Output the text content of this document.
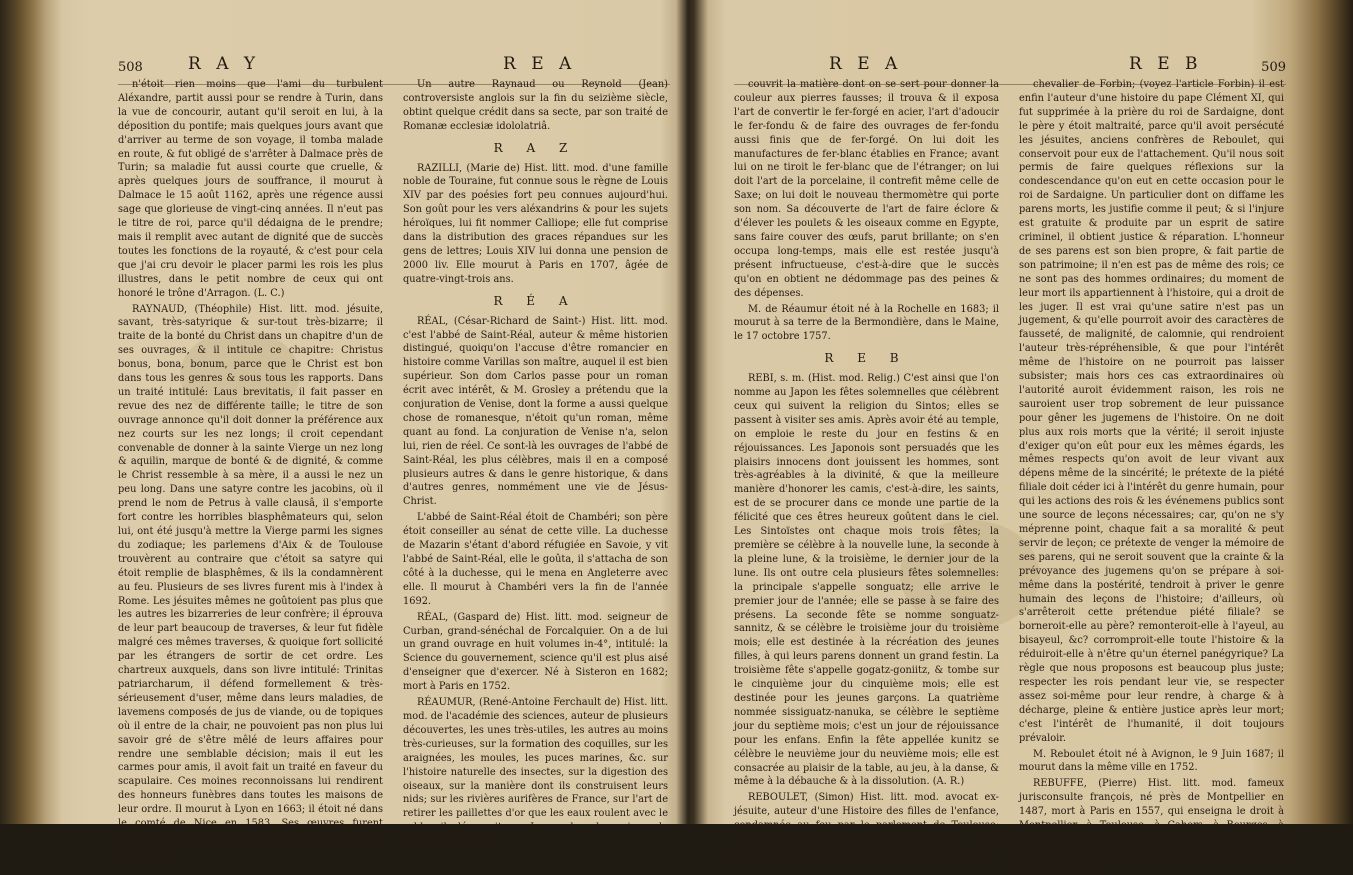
508	R A Y	R E A

n'étoit rien moins que l'ami du turbulent Aléxandre, partit aussi pour se rendre à Turin, dans la vue de concourir, autant qu'il seroit en lui, à la déposition du pontife; mais quelques jours avant que d'arriver au terme de son voyage, il tomba malade en route, & fut obligé de s'arrêter à Dalmace près de Turin; sa maladie fut aussi courte que cruelle, & après quelques jours de souffrance, il mourut à Dalmace le 15 août 1162, après une régence aussi sage que glorieuse de vingt-cinq années. Il n'eut pas le titre de roi, parce qu'il dédaigna de le prendre; mais il remplit avec autant de dignité que de succès toutes les fonctions de la royauté, & c'est pour cela que j'ai cru devoir le placer parmi les rois les plus illustres, dans le petit nombre de ceux qui ont honoré le trône d'Arragon. (L. C.)

RAYNAUD, (Théophile) Hist. litt. mod. jésuite, savant, très-satyrique & sur-tout très-bizarre; il traite de la bonté du Christ dans un chapitre d'un de ses ouvrages, & il intitule ce chapitre: Christus bonus, bona, bonum, parce que le Christ est bon dans tous les genres & sous tous les rapports. Dans un traité intitulé: Laus brevitatis, il fait passer en revue des nez de différente taille; le titre de son ouvrage annonce qu'il doit donner la préférence aux nez courts sur les nez longs; il croit cependant convenable de donner à la sainte Vierge un nez long & aquilin, marque de bonté & de dignité, & comme le Christ ressemble à sa mère, il a aussi le nez un peu long. Dans une satyre contre les jacobins, où il prend le nom de Petrus à valle clausâ, il s'emporte fort contre les horribles blasphêmateurs qui, selon lui, ont été jusqu'à mettre la Vierge parmi les signes du zodiaque; les parlemens d'Aix & de Toulouse trouvèrent au contraire que c'étoit sa satyre qui étoit remplie de blasphêmes, & ils la condamnèrent au feu. Plusieurs de ses livres furent mis à l'index à Rome. Les jésuites mêmes ne goûtoient pas plus que les autres les bizarreries de leur confrère; il éprouva de leur part beaucoup de traverses, & leur fut fidèle malgré ces mêmes traverses, & quoique fort sollicité par les étrangers de sortir de cet ordre. Les chartreux auxquels, dans son livre intitulé: Trinitas patriarcharum, il défend formellement & très-sérieusement d'user, même dans leurs maladies, de lavemens composés de jus de viande, ou de topiques où il entre de la chair, ne pouvoient pas non plus lui savoir gré de s'être mêlé de leurs affaires pour rendre une semblable décision; mais il eut les carmes pour amis, il avoit fait un traité en faveur du scapulaire. Ces moines reconnoissans lui rendirent des honneurs funèbres dans toutes les maisons de leur ordre. Il mourut à Lyon en 1663; il étoit né dans le comté de Nice en 1583. Ses œuvres furent recueillies à Lyon en vingt volumes in-folio. Quelle collection !

Un autre Raynaud ou Reynold (Jean) controversiste anglois sur la fin du seizième siècle, obtint quelque crédit dans sa secte, par son traité de Romanæ ecclesiæ idololatriâ.

R A Z

RAZILLI, (Marie de) Hist. litt. mod. d'une famille noble de Touraine, fut connue sous le règne de Louis XIV par des poésies fort peu connues aujourd'hui. Son goût pour les vers aléxandrins & pour les sujets héroïques, lui fit nommer Calliope; elle fut comprise dans la distribution des graces répandues sur les gens de lettres; Louis XIV lui donna une pension de 2000 liv. Elle mourut à Paris en 1707, âgée de quatre-vingt-trois ans.

R É A

RÉAL, (César-Richard de Saint-) Hist. litt. mod. c'est l'abbé de Saint-Réal, auteur & même historien distingué, quoiqu'on l'accuse d'être romancier en histoire comme Varillas son maître, auquel il est bien supérieur. Son dom Carlos passe pour un roman écrit avec intérêt, & M. Grosley a prétendu que la conjuration de Venise, dont la forme a aussi quelque chose de romanesque, n'étoit qu'un roman, même quant au fond. La conjuration de Venise n'a, selon lui, rien de réel. Ce sont-là les ouvrages de l'abbé de Saint-Réal, les plus célèbres, mais il en a composé plusieurs autres & dans le genre historique, & dans d'autres genres, nommément une vie de Jésus-Christ.

L'abbé de Saint-Réal étoit de Chambéri; son père étoit conseiller au sénat de cette ville. La duchesse de Mazarin s'étant d'abord réfugiée en Savoie, y vit l'abbé de Saint-Réal, elle le goûta, il s'attacha de son côté à la duchesse, qui le mena en Angleterre avec elle. Il mourut à Chambéri vers la fin de l'année 1692.

RÉAL, (Gaspard de) Hist. litt. mod. seigneur de Curban, grand-sénéchal de Forcalquier. On a de lui un grand ouvrage en huit volumes in-4°, intitulé: la Science du gouvernement, science qu'il est plus aisé d'enseigner que d'exercer. Né à Sisteron en 1682; mort à Paris en 1752.

RÉAUMUR, (René-Antoine Ferchault de) Hist. litt. mod. de l'académie des sciences, auteur de plusieurs découvertes, les unes très-utiles, les autres au moins très-curieuses, sur la formation des coquilles, sur les araignées, les moules, les puces marines, &c. sur l'histoire naturelle des insectes, sur la digestion des oiseaux, sur la manière dont ils construisent leurs nids; sur les rivières aurifères de France, sur l'art de retirer les paillettes d'or que les eaux roulent avec le sable; il découvrit en Languedoc des mines de turquoises, il dé-

R E A	R E B	509

couvrit la matière dont on se sert pour donner la couleur aux pierres fausses; il trouva & il exposa l'art de convertir le fer-forgé en acier, l'art d'adoucir le fer-fondu & de faire des ouvrages de fer-fondu aussi finis que de fer-forgé. On lui doit les manufactures de fer-blanc établies en France; avant lui on ne tiroit le fer-blanc que de l'étranger; on lui doit l'art de la porcelaine, il contrefit même celle de Saxe; on lui doit le nouveau thermomètre qui porte son nom. Sa découverte de l'art de faire éclore & d'élever les poulets & les oiseaux comme en Egypte, sans faire couver des œufs, parut brillante; on s'en occupa long-temps, mais elle est restée jusqu'à présent infructueuse, c'est-à-dire que le succès qu'on en obtient ne dédommage pas des peines & des dépenses.

M. de Réaumur étoit né à la Rochelle en 1683; il mourut à sa terre de la Bermondière, dans le Maine, le 17 octobre 1757.

R E B

REBI, s. m. (Hist. mod. Relig.) C'est ainsi que l'on nomme au Japon les fêtes solemnelles que célèbrent ceux qui suivent la religion du Sintos; elles se passent à visiter ses amis. Après avoir été au temple, on emploie le reste du jour en festins & en réjouissances. Les Japonois sont persuadés que les plaisirs innocens dont jouissent les hommes, sont très-agréables à la divinité, & que la meilleure manière d'honorer les camis, c'est-à-dire, les saints, est de se procurer dans ce monde une partie de la félicité que ces êtres heureux goûtent dans le ciel. Les Sintoïstes ont chaque mois trois fêtes; la première se célèbre à la nouvelle lune, la seconde à la pleine lune, & la troisième, le dernier jour de la lune. Ils ont outre cela plusieurs fêtes solemnelles: la principale s'appelle songuatz; elle arrive le premier jour de l'année; elle se passe à se faire des présens. La seconde fête se nomme songuatz-sannitz, & se célèbre le troisième jour du troisième mois; elle est destinée à la récréation des jeunes filles, à qui leurs parens donnent un grand festin. La troisième fête s'appelle gogatz-goniitz, & tombe sur le cinquième jour du cinquième mois; elle est destinée pour les jeunes garçons. La quatrième nommée sissiguatz-nanuka, se célèbre le septième jour du septième mois; c'est un jour de réjouissance pour les enfans. Enfin la fête appellée kunitz se célèbre le neuvième jour du neuvième mois; elle est consacrée au plaisir de la table, au jeu, à la danse, & même à la débauche & à la dissolution. (A. R.)

REBOULET, (Simon) Hist. litt. mod. avocat ex-jésuite, auteur d'une Histoire des filles de l'enfance, condamnée au feu par le parlement de Toulouse; d'une histoire de Louis XIV, estimée pour l'exactitude; c'est lui qui a rédigé les mémoires du

chevalier de Forbin; (voyez l'article Forbin) il est enfin l'auteur d'une histoire du pape Clément XI, qui fut supprimée à la prière du roi de Sardaigne, dont le père y étoit maltraité, parce qu'il avoit persécuté les jésuites, anciens confrères de Reboulet, qui conservoit pour eux de l'attachement. Qu'il nous soit permis de faire quelques réflexions sur la condescendance qu'on eut en cette occasion pour le roi de Sardaigne. Un particulier dont on diffame les parens morts, les justifie comme il peut; & si l'injure est gratuite & produite par un esprit de satire criminel, il obtient justice & réparation. L'honneur de ses parens est son bien propre, & fait partie de son patrimoine; il n'en est pas de même des rois; ce ne sont pas des hommes ordinaires; du moment de leur mort ils appartiennent à l'histoire, qui a droit de les juger. Il est vrai qu'une satire n'est pas un jugement, & qu'elle pourroit avoir des caractères de fausseté, de malignité, de calomnie, qui rendroient l'auteur très-répréhensible, & que pour l'intérêt même de l'histoire on ne pourroit pas laisser subsister; mais hors ces cas extraordinaires où l'autorité auroit évidemment raison, les rois ne sauroient user trop sobrement de leur puissance pour gêner les jugemens de l'histoire. On ne doit plus aux rois morts que la vérité; il seroit injuste d'exiger qu'on eût pour eux les mêmes égards, les mêmes respects qu'on avoit de leur vivant aux dépens même de la sincérité; le prétexte de la piété filiale doit céder ici à l'intérêt du genre humain, pour qui les actions des rois & les événemens publics sont une source de leçons nécessaires; car, qu'on ne s'y méprenne point, chaque fait a sa moralité & peut servir de leçon; ce prétexte de venger la mémoire de ses parens, qui ne seroit souvent que la crainte & la prévoyance des jugemens qu'on se prépare à soi-même dans la postérité, tendroit à priver le genre humain des leçons de l'histoire; d'ailleurs, où s'arrêteroit cette prétendue piété filiale? se borneroit-elle au père? remonteroit-elle à l'ayeul, au bisayeul, &c? corromproit-elle toute l'histoire & la réduiroit-elle à n'être qu'un éternel panégyrique? La règle que nous proposons est beaucoup plus juste; respecter les rois pendant leur vie, se respecter assez soi-même pour leur rendre, à charge & à décharge, pleine & entière justice après leur mort; c'est l'intérêt de l'humanité, il doit toujours prévaloir.

M. Reboulet étoit né à Avignon, le 9 Juin 1687; il mourut dans la même ville en 1752.

REBUFFE, (Pierre) Hist. litt. mod. fameux jurisconsulte françois, né près de Montpellier en 1487, mort à Paris en 1557, qui enseigna le droit à Montpellier, à Toulouse, à Cahors, à Bourges, à Paris, & dont les ouvrages ont été recueillis en six volumes in-folio, & sont cités au barreau comme une grande autorité.
